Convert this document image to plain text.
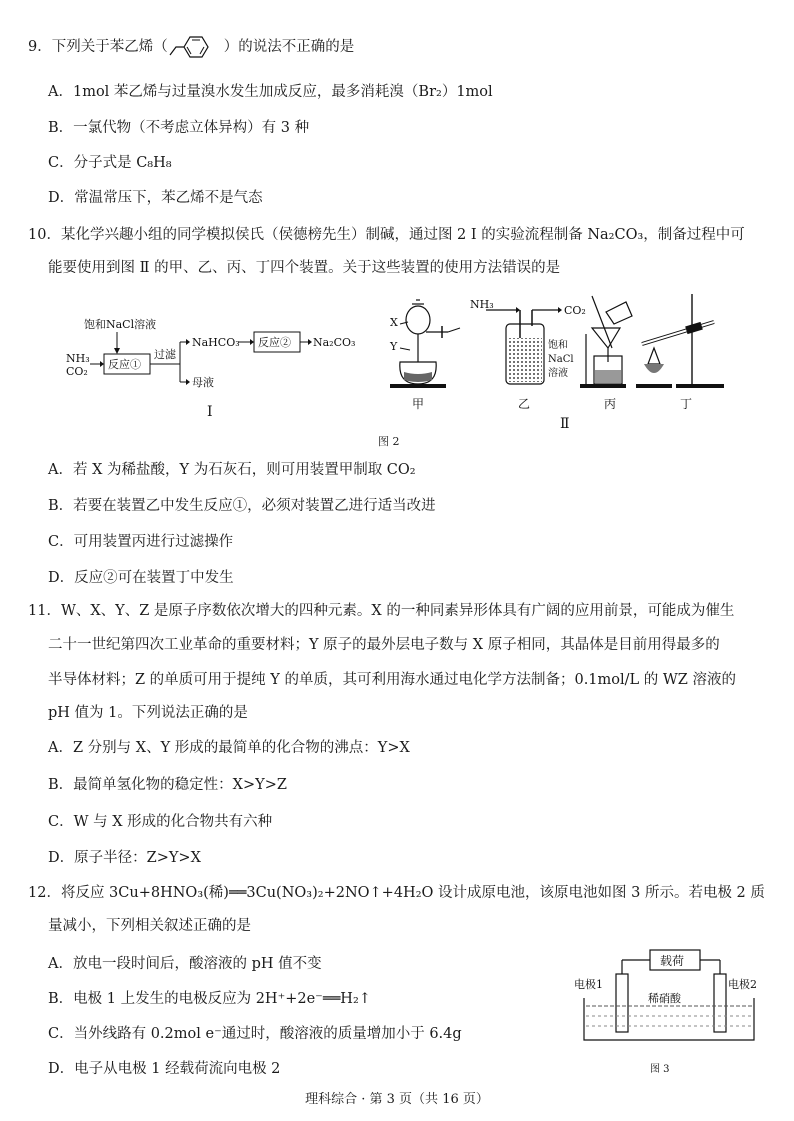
9．下列关于苯乙烯（	）的说法不正确的是
A．1mol 苯乙烯与过量溴水发生加成反应，最多消耗溴（Br₂）1mol
B．一氯代物（不考虑立体异构）有 3 种
C．分子式是 C₈H₈
D．常温常压下，苯乙烯不是气态
10．某化学兴趣小组的同学模拟侯氏（侯德榜先生）制碱，通过图 2 Ⅰ 的实验流程制备 Na₂CO₃，制备过程中可
能要使用到图 Ⅱ 的甲、乙、丙、丁四个装置。关于这些装置的使用方法错误的是
饱和NaCl溶液
NH₃
CO₂
反应①
过滤
NaHCO₃ 反应② Na₂CO₃
母液
Ⅰ
X
Y
甲
NH₃	CO₂
饱和
NaCl
溶液
乙	丙	丁
Ⅱ
图 2
A．若 X 为稀盐酸，Y 为石灰石，则可用装置甲制取 CO₂
B．若要在装置乙中发生反应①，必须对装置乙进行适当改进
C．可用装置丙进行过滤操作
D．反应②可在装置丁中发生
11．W、X、Y、Z 是原子序数依次增大的四种元素。X 的一种同素异形体具有广阔的应用前景，可能成为催生
二十一世纪第四次工业革命的重要材料；Y 原子的最外层电子数与 X 原子相同，其晶体是目前用得最多的
半导体材料；Z 的单质可用于提纯 Y 的单质，其可利用海水通过电化学方法制备；0.1mol/L 的 WZ 溶液的
pH 值为 1。下列说法正确的是
A．Z 分别与 X、Y 形成的最简单的化合物的沸点：Y>X
B．最简单氢化物的稳定性：X>Y>Z
C．W 与 X 形成的化合物共有六种
D．原子半径：Z>Y>X
12．将反应 3Cu+8HNO₃(稀)══3Cu(NO₃)₂+2NO↑+4H₂O 设计成原电池，该原电池如图 3 所示。若电极 2 质
量减小，下列相关叙述正确的是
A．放电一段时间后，酸溶液的 pH 值不变
B．电极 1 上发生的电极反应为 2H⁺+2e⁻══H₂↑
C．当外线路有 0.2mol e⁻通过时，酸溶液的质量增加小于 6.4g
D．电子从电极 1 经载荷流向电极 2
载荷
电极1	电极2
稀硝酸
图 3
理科综合 · 第 3 页（共 16 页）
